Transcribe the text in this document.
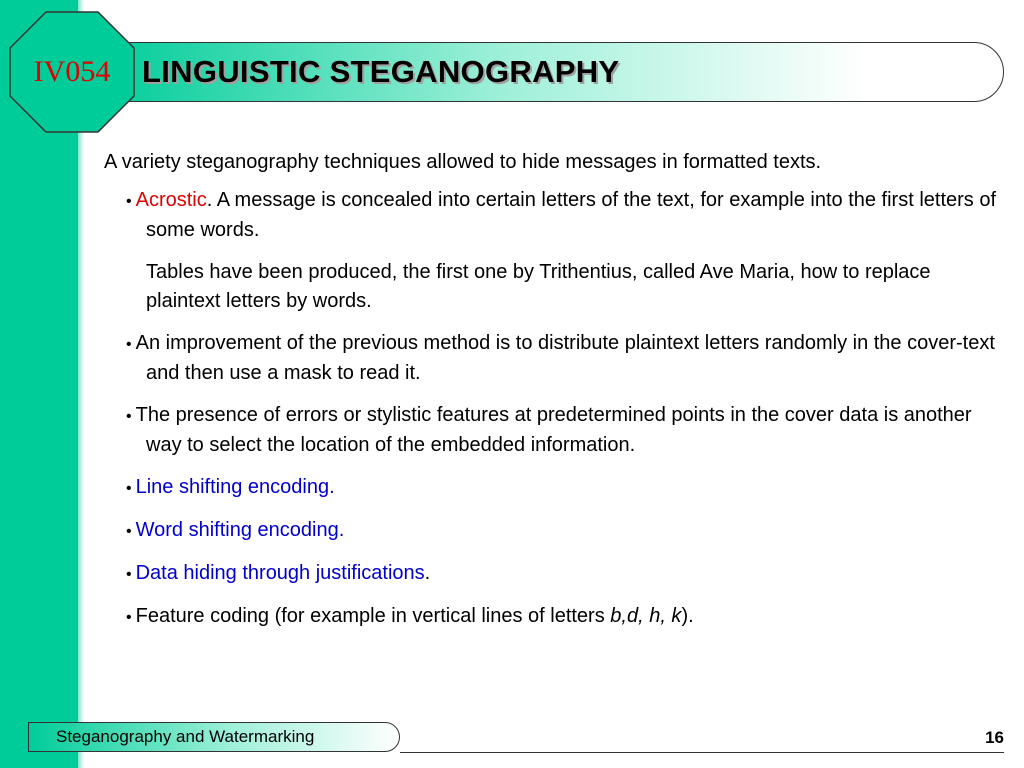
LINGUISTIC STEGANOGRAPHY
IV054

A variety steganography techniques allowed to hide messages in formatted texts.

• Acrostic. A message is concealed into certain letters of the text, for example into the first letters of some words.

Tables have been produced, the first one by Trithentius, called Ave Maria, how to replace plaintext letters by words.

• An improvement of the previous method is to distribute plaintext letters randomly in the cover-text and then use a mask to read it.

• The presence of errors or stylistic features at predetermined points in the cover data is another way to select the location of the embedded information.

• Line shifting encoding.

• Word shifting encoding.

• Data hiding through justifications.

• Feature coding (for example in vertical lines of letters b,d, h, k).

Steganography and Watermarking	16
